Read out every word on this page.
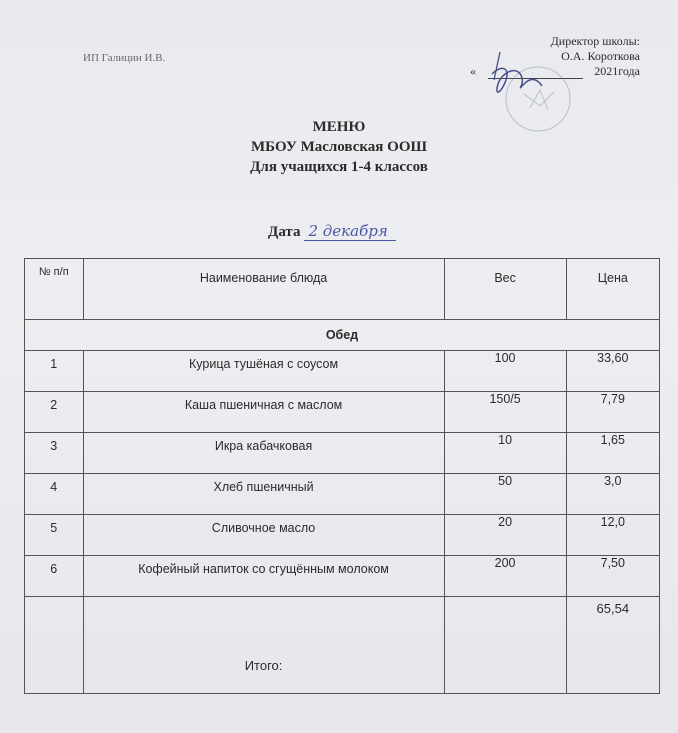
ИП Галицин И.В.
Директор школы:
О.А. Короткова
«	2021года
МЕНЮ
МБОУ Масловская ООШ
Для учащихся 1-4 классов
Дата 2 декабря
№ п/п	Наименование блюда	Вес	Цена
Обед			
1	Курица тушёная с соусом	100	33,60
2	Каша пшеничная с маслом	150/5	7,79
3	Икра кабачковая	10	1,65
4	Хлеб пшеничный	50	3,0
5	Сливочное масло	20	12,0
6	Кофейный напиток со сгущённым молоком	200	7,50
	Итого:		65,54
